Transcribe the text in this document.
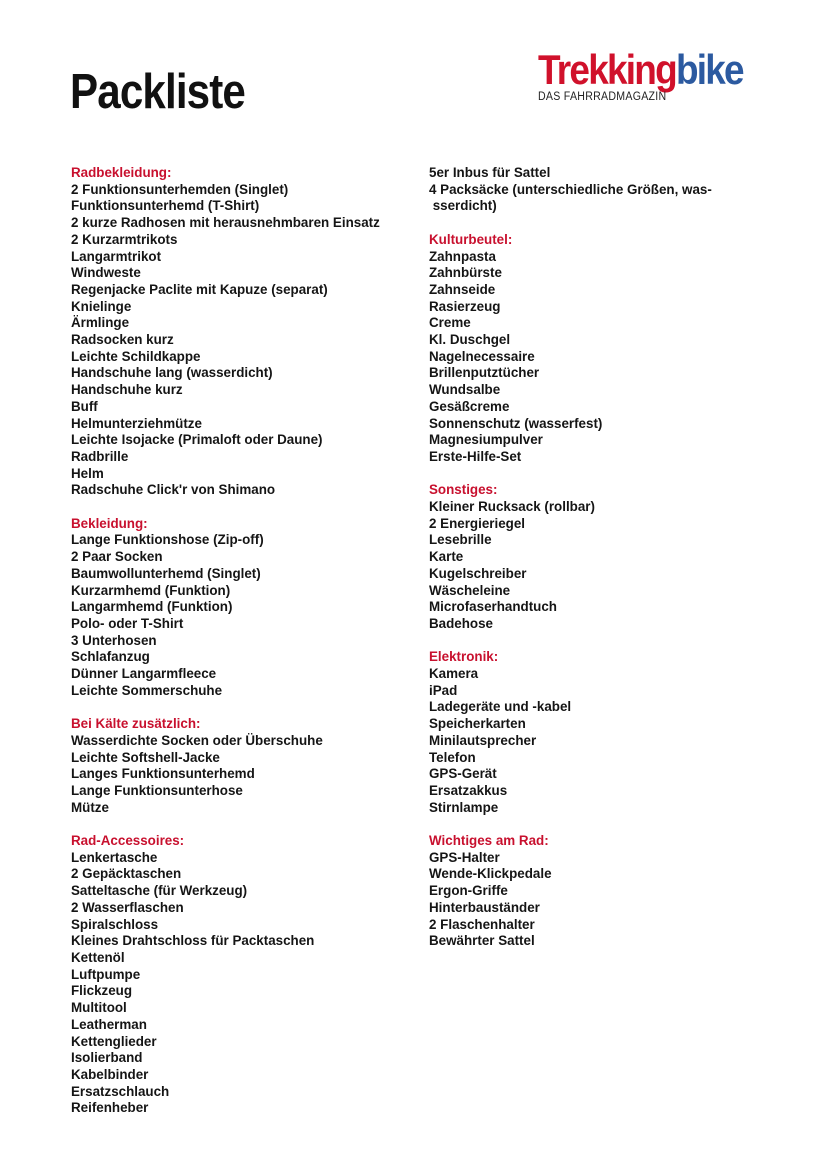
Packliste	Trekkingbike
DAS FAHRRADMAGAZIN
Radbekleidung:
2 Funktionsunterhemden (Singlet)
Funktionsunterhemd (T-Shirt)
2 kurze Radhosen mit herausnehmbaren Einsatz
2 Kurzarmtrikots
Langarmtrikot
Windweste
Regenjacke Paclite mit Kapuze (separat)
Knielinge
Ärmlinge
Radsocken kurz
Leichte Schildkappe
Handschuhe lang (wasserdicht)
Handschuhe kurz
Buff
Helmunterziehmütze
Leichte Isojacke (Primaloft oder Daune)
Radbrille
Helm
Radschuhe Click'r von Shimano
Bekleidung:
Lange Funktionshose (Zip-off)
2 Paar Socken
Baumwollunterhemd (Singlet)
Kurzarmhemd (Funktion)
Langarmhemd (Funktion)
Polo- oder T-Shirt
3 Unterhosen
Schlafanzug
Dünner Langarmfleece
Leichte Sommerschuhe
Bei Kälte zusätzlich:
Wasserdichte Socken oder Überschuhe
Leichte Softshell-Jacke
Langes Funktionsunterhemd
Lange Funktionsunterhose
Mütze
Rad-Accessoires:
Lenkertasche
2 Gepäcktaschen
Satteltasche (für Werkzeug)
2 Wasserflaschen
Spiralschloss
Kleines Drahtschloss für Packtaschen
Kettenöl
Luftpumpe
Flickzeug
Multitool
Leatherman
Kettenglieder
Isolierband
Kabelbinder
Ersatzschlauch
Reifenheber
5er Inbus für Sattel
4 Packsäcke (unterschiedliche Größen, was- sserdicht)
Kulturbeutel:
Zahnpasta
Zahnbürste
Zahnseide
Rasierzeug
Creme
Kl. Duschgel
Nagelnecessaire
Brillenputztücher
Wundsalbe
Gesäßcreme
Sonnenschutz (wasserfest)
Magnesiumpulver
Erste-Hilfe-Set
Sonstiges:
Kleiner Rucksack (rollbar)
2 Energieriegel
Lesebrille
Karte
Kugelschreiber
Wäscheleine
Microfaserhandtuch
Badehose
Elektronik:
Kamera
iPad
Ladegeräte und -kabel
Speicherkarten
Minilautsprecher
Telefon
GPS-Gerät
Ersatzakkus
Stirnlampe
Wichtiges am Rad:
GPS-Halter
Wende-Klickpedale
Ergon-Griffe
Hinterbauständer
2 Flaschenhalter
Bewährter Sattel
